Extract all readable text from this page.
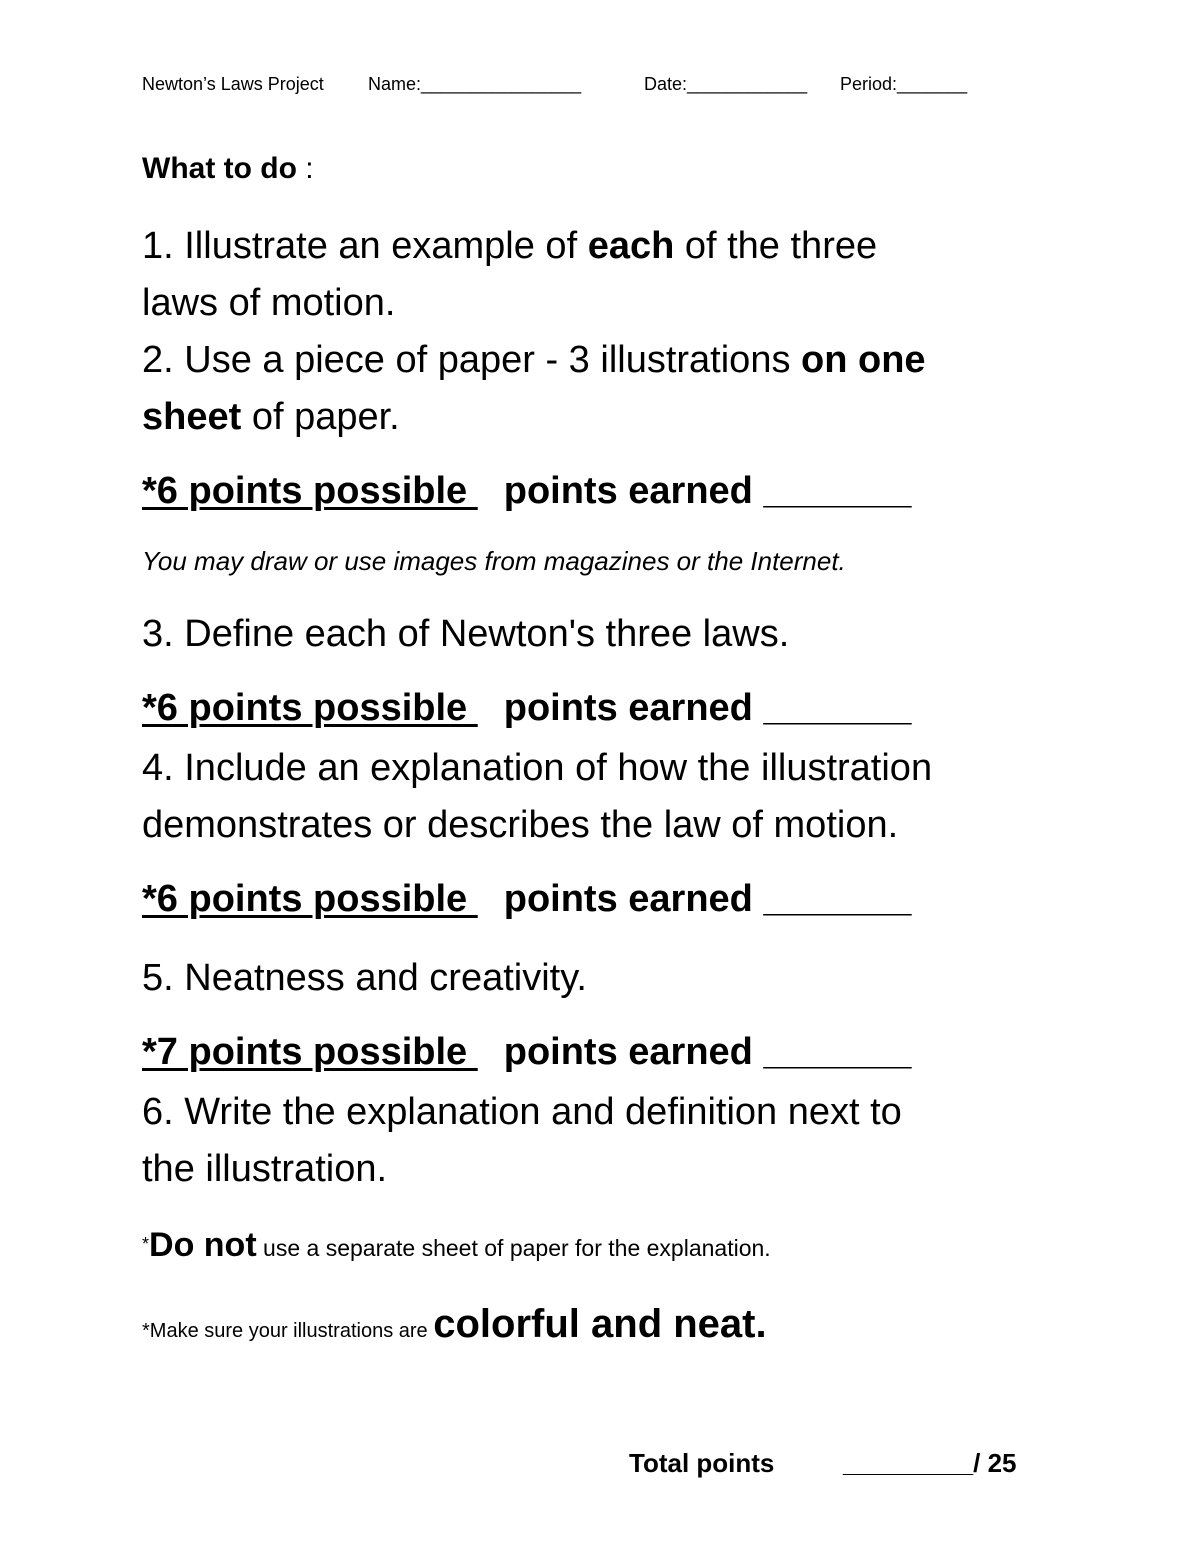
Newton’s Laws Project Name:________________	Date:____________ Period:_______
What to do :
1. Illustrate an example of each of the three
laws of motion.
2. Use a piece of paper - 3 illustrations on one
sheet of paper.
*6 points possible points earned _______
You may draw or use images from magazines or the Internet.
3. Define each of Newton's three laws.
*6 points possible points earned _______
4. Include an explanation of how the illustration
demonstrates or describes the law of motion.
*6 points possible points earned _______
5. Neatness and creativity.
*7 points possible points earned _______
6. Write the explanation and definition next to
the illustration.
*Do not use a separate sheet of paper for the explanation.
*Make sure your illustrations are colorful and neat.
Total points	_________/ 25
